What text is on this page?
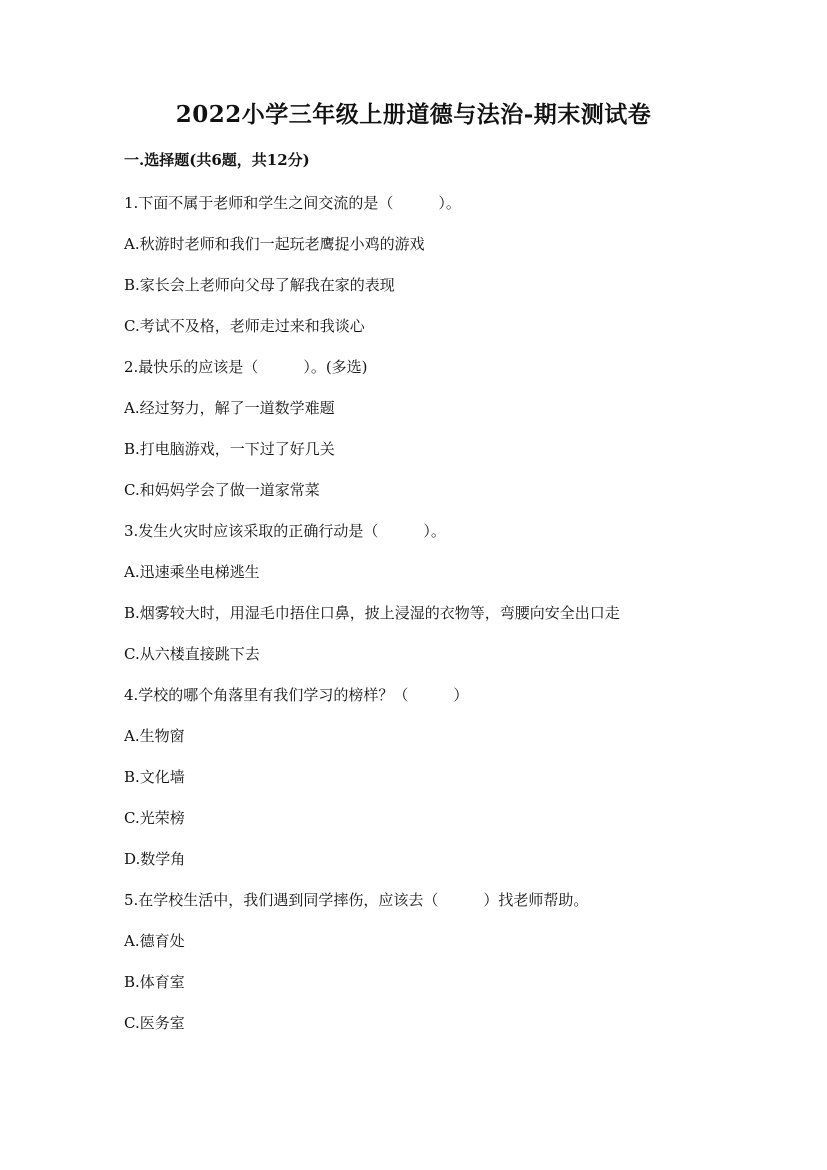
2022小学三年级上册道德与法治-期末测试卷
一.选择题(共6题，共12分)
1.下面不属于老师和学生之间交流的是（　　　）。
A.秋游时老师和我们一起玩老鹰捉小鸡的游戏
B.家长会上老师向父母了解我在家的表现
C.考试不及格，老师走过来和我谈心
2.最快乐的应该是（　　　）。(多选)
A.经过努力，解了一道数学难题
B.打电脑游戏，一下过了好几关
C.和妈妈学会了做一道家常菜
3.发生火灾时应该采取的正确行动是（　　　）。
A.迅速乘坐电梯逃生
B.烟雾较大时，用湿毛巾捂住口鼻，披上浸湿的衣物等，弯腰向安全出口走
C.从六楼直接跳下去
4.学校的哪个角落里有我们学习的榜样？（　　　）
A.生物窗
B.文化墙
C.光荣榜
D.数学角
5.在学校生活中，我们遇到同学摔伤，应该去（　　　）找老师帮助。
A.德育处
B.体育室
C.医务室
